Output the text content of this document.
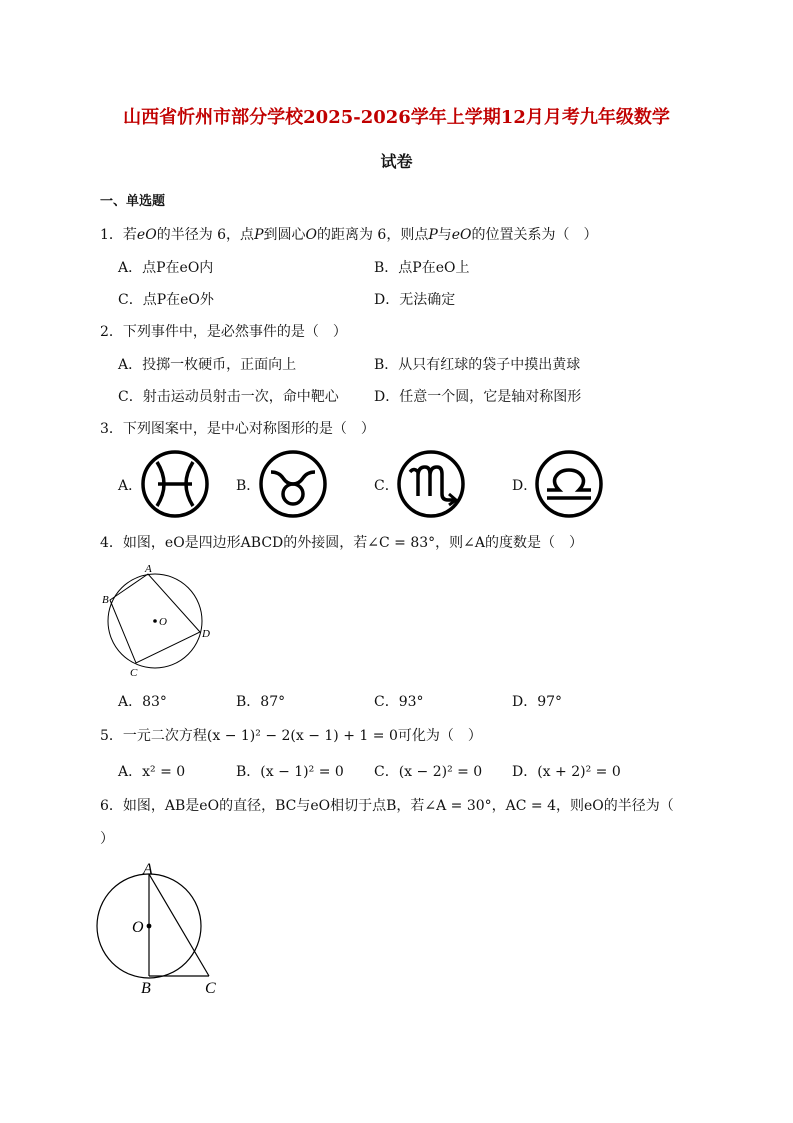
山西省忻州市部分学校2025-2026学年上学期12月月考九年级数学
试卷
一、单选题
1．若eO的半径为 6，点P到圆心O的距离为 6，则点P与eO的位置关系为（　）
A．点P在eO内	B．点P在eO上
C．点P在eO外	D．无法确定
2．下列事件中，是必然事件的是（　）
A．投掷一枚硬币，正面向上	B．从只有红球的袋子中摸出黄球
C．射击运动员射击一次，命中靶心	D．任意一个圆，它是轴对称图形
3．下列图案中，是中心对称图形的是（　）
A．	B．	C．	D．
4．如图，eO是四边形ABCD的外接圆，若∠C = 83°，则∠A的度数是（　）
A
B
O
D
C
A．83°	B．87°	C．93°	D．97°
5．一元二次方程(x − 1)² − 2(x − 1) + 1 = 0可化为（　）
A．x² = 0	B．(x − 1)² = 0 C．(x − 2)² = 0 D．(x + 2)² = 0
6．如图，AB是eO的直径，BC与eO相切于点B，若∠A = 30°，AC = 4，则eO的半径为（
）
A
O
B	C
